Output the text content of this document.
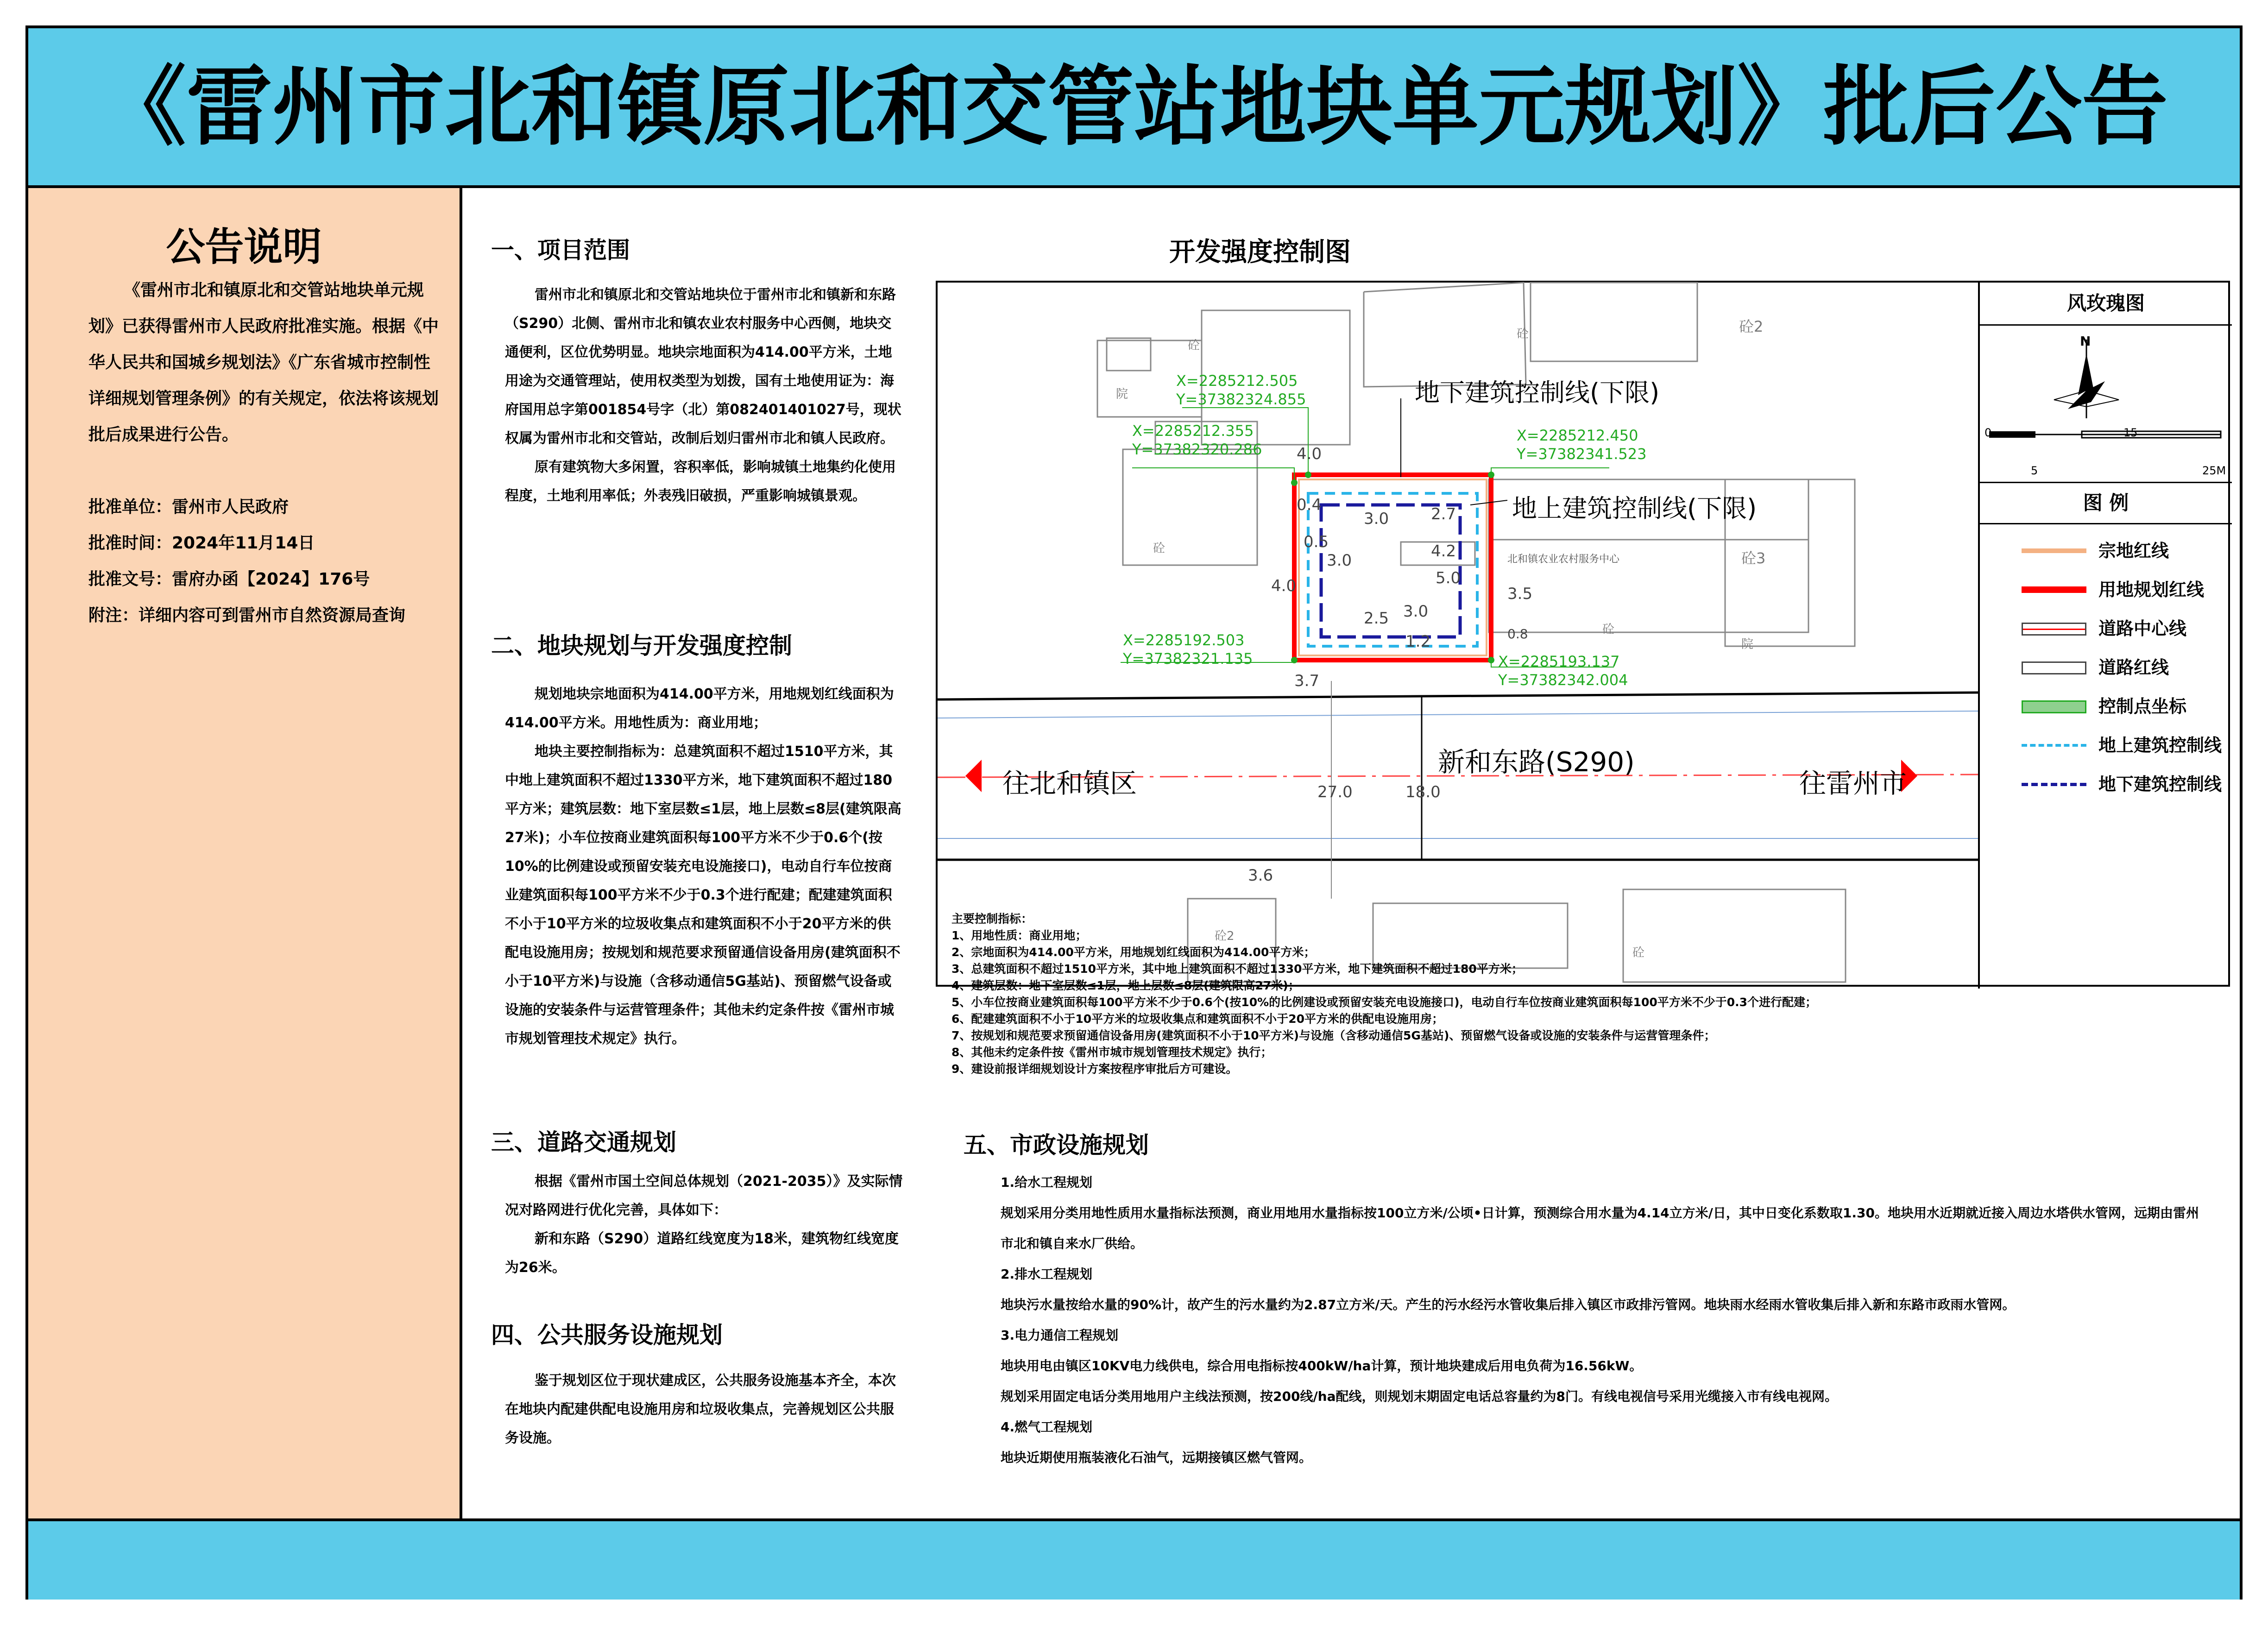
《雷州市北和镇原北和交管站地块单元规划》批后公告
公告说明
《雷州市北和镇原北和交管站地块单元规划》已获得雷州市人民政府批准实施。根据《中华人民共和国城乡规划法》《广东省城市控制性详细规划管理条例》的有关规定，依法将该规划批后成果进行公告。
批准单位：雷州市人民政府
批准时间：2024年11月14日
批准文号：雷府办函【2024】176号
附注：详细内容可到雷州市自然资源局查询
一、项目范围

雷州市北和镇原北和交管站地块位于雷州市北和镇新和东路（S290）北侧、雷州市北和镇农业农村服务中心西侧，地块交通便利，区位优势明显。地块宗地面积为414.00平方米，土地用途为交通管理站，使用权类型为划拨，国有土地使用证为：海府国用总字第001854号字（北）第082401401027号，现状权属为雷州市北和交管站，改制后划归雷州市北和镇人民政府。

原有建筑物大多闲置，容积率低，影响城镇土地集约化使用程度，土地利用率低；外表残旧破损，严重影响城镇景观。

二、地块规划与开发强度控制

规划地块宗地面积为414.00平方米，用地规划红线面积为414.00平方米。用地性质为：商业用地；

地块主要控制指标为：总建筑面积不超过1510平方米，其中地上建筑面积不超过1330平方米，地下建筑面积不超过180平方米；建筑层数：地下室层数≤1层，地上层数≤8层(建筑限高27米)；小车位按商业建筑面积每100平方米不少于0.6个(按10%的比例建设或预留安装充电设施接口)，电动自行车位按商业建筑面积每100平方米不少于0.3个进行配建；配建建筑面积不小于10平方米的垃圾收集点和建筑面积不小于20平方米的供配电设施用房；按规划和规范要求预留通信设备用房(建筑面积不小于10平方米)与设施（含移动通信5G基站)、预留燃气设备或设施的安装条件与运营管理条件；其他未约定条件按《雷州市城市规划管理技术规定》执行。

三、道路交通规划

根据《雷州市国土空间总体规划（2021-2035）》及实际情况对路网进行优化完善，具体如下：

新和东路（S290）道路红线宽度为18米，建筑物红线宽度为26米。

四、公共服务设施规划

鉴于规划区位于现状建成区，公共服务设施基本齐全，本次在地块内配建供配电设施用房和垃圾收集点，完善规划区公共服务设施。

开发强度控制图
X=2285212.505
Y=37382324.855
X=2285212.355
Y=37382320.286
X=2285212.450
Y=37382341.523
X=2285192.503
Y=37382321.135	X=2285193.137
Y=37382342.004
地下建筑控制线(下限)
地上建筑控制线(下限)
北和镇农业农村服务中心
砼
院
砼	砼2
砼
砼
砼3
院
砼2
砼
4.0
0.4
3.0
0.5
3.0
4.0
2.7
4.2
5.0
3.5
0.8
3.0
2.5
1.2
3.7
27.0	18.0
3.6
新和东路(S290)
往北和镇区	往雷州市
主要控制指标：
1、用地性质：商业用地；
2、宗地面积为414.00平方米，用地规划红线面积为414.00平方米；
3、总建筑面积不超过1510平方米，其中地上建筑面积不超过1330平方米，地下建筑面积不超过180平方米；
4、建筑层数：地下室层数≤1层，地上层数≤8层(建筑限高27米)；
5、小车位按商业建筑面积每100平方米不少于0.6个(按10%的比例建设或预留安装充电设施接口)，电动自行车位按商业建筑面积每100平方米不少于0.3个进行配建；
6、配建建筑面积不小于10平方米的垃圾收集点和建筑面积不小于20平方米的供配电设施用房；
7、按规划和规范要求预留通信设备用房(建筑面积不小于10平方米)与设施（含移动通信5G基站)、预留燃气设备或设施的安装条件与运营管理条件；
8、其他未约定条件按《雷州市城市规划管理技术规定》执行；
9、建设前报详细规划设计方案按程序审批后方可建设。
风玫瑰图
N
0	15
5	25M
图 例
宗地红线
用地规划红线
道路中心线
道路红线
控制点坐标
地上建筑控制线
地下建筑控制线
五、市政设施规划
1.给水工程规划
规划采用分类用地性质用水量指标法预测，商业用地用水量指标按100立方米/公顷•日计算，预测综合用水量为4.14立方米/日，其中日变化系数取1.30。地块用水近期就近接入周边水塔供水管网，远期由雷州市北和镇自来水厂供给。
2.排水工程规划
地块污水量按给水量的90%计，故产生的污水量约为2.87立方米/天。产生的污水经污水管收集后排入镇区市政排污管网。地块雨水经雨水管收集后排入新和东路市政雨水管网。
3.电力通信工程规划
地块用电由镇区10KV电力线供电，综合用电指标按400kW/ha计算，预计地块建成后用电负荷为16.56kW。
规划采用固定电话分类用地用户主线法预测，按200线/ha配线，则规划末期固定电话总容量约为8门。有线电视信号采用光缆接入市有线电视网。
4.燃气工程规划
地块近期使用瓶装液化石油气，远期接镇区燃气管网。
